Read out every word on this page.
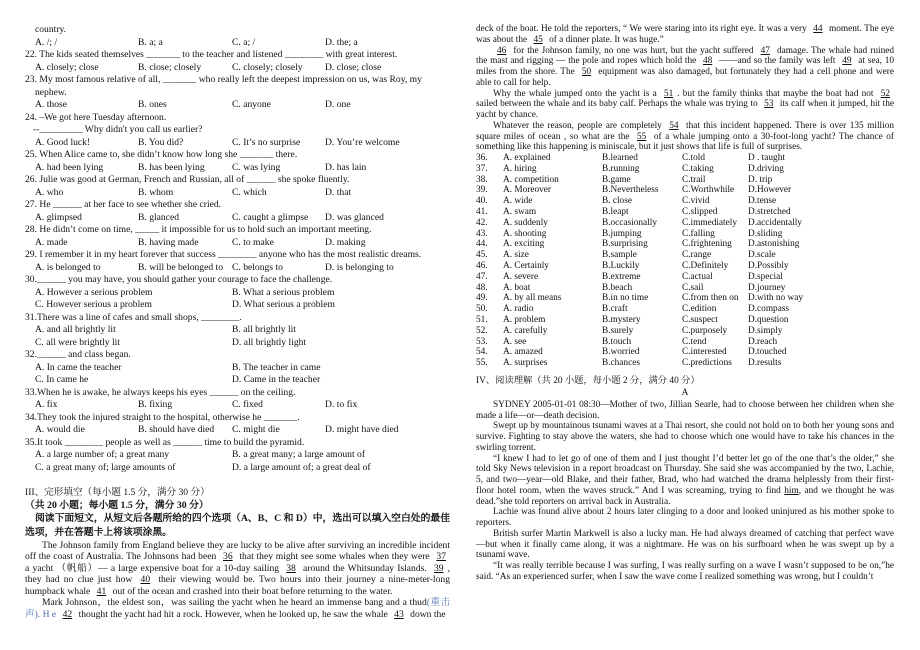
country.
A. /; /	B. a; a	C. a; /	D. the; a
22. The kids seated themselves _______ to the teacher and listened ________ with great interest.
A. closely; close	B. close; closely	C. closely; closely D. close; close
23. My most famous relative of all, _______ who really left the deepest impression on us, was Roy, my
nephew.
A. those	B. ones	C. anyone	D. one
24. –We got here Tuesday afternoon.
--_________ Why didn't you call us earlier?
A. Good luck!	B. You did?	C. It’s no surprise	D. You’re welcome
25. When Alice came to, she didn’t know how long she _______ there.
A. had been lying	B. has been lying	C. was lying	D. has lain
26. Julie was good at German, French and Russian, all of ______ she spoke fluently.
A. who	B. whom	C. which	D. that
27. He ______ at her face to see whether she cried.
A. glimpsed	B. glanced	C. caught a glimpse D. was glanced
28. He didn’t come on time, _____ it impossible for us to hold such an important meeting.
A. made	B. having made	C. to make	D. making
29. I remember it in my heart forever that success ________ anyone who has the most realistic dreams.
A. is belonged to	B. will be belonged to C. belongs to	D. is belonging to
30.______ you may have, you should gather your courage to face the challenge.
A. However a serious problem	B. What a serious problem
C. However serious a problem	D. What serious a problem
31.There was a line of cafes and small shops, ________.
A. and all brightly lit	B. all brightly lit
C. all were brightly lit	D. all brightly light
32.______ and class began.
A. In came the teacher	B. The teacher in came
C. In came he	D. Came in the teacher
33.When he is awake, he always keeps his eyes ______ on the ceiling.
A. fix	B. fixing	C. fixed	D. to fix
34.They took the injured straight to the hospital, otherwise he _______.
A. would die	B. should have died C. might die	D. might have died
35.It took ________ people as well as ______ time to build the pyramid.
A. a large number of; a great many	B. a great many; a large amount of
C. a great many of; large amounts of	D. a large amount of; a great deal of
III、完形填空（每小题 1.5 分，满分 30 分）
（共 20 小题；每小题 1.5 分，满分 30 分）
阅读下面短文，从短文后各题所给的四个选项（A、B、C 和 D）中，选出可以填入空白处的最佳选项，并在答题卡上将该项涂黑。
The Johnson family from England believe they are lucky to be alive after surviving an incredible incident off the coast of Australia. The Johnsons had been 36 that they might see some whales when they were 37 a yacht （帆船）— a large expensive boat for a 10-day sailing 38 around the Whitsunday Islands. 39 , they had no clue just how 40 their viewing would be. Two hours into their journey a nine-meter-long humpback whale 41 out of the ocean and crashed into their boat before returning to the water.
Mark Johnson，the eldest son，was sailing the yacht when he heard an immense bang and a thud(重击声). H e 42 thought the yacht had hit a rock. However, when he looked up, he saw the whale 43 down the
deck of the boat. He told the reporters, “ We were staring into its right eye. It was a very 44 moment. The eye was about the 45 of a dinner plate. It was huge.”
46 for the Johnson family, no one was hurt, but the yacht suffered 47 damage. The whale had ruined the mast and rigging — the pole and ropes which hold the 48 ——and so the family was left 49 at sea, 10 miles from the shore. The 50 equipment was also damaged, but fortunately they had a cell phone and were able to call for help.
Why the whale jumped onto the yacht is a 51 . but the family thinks that maybe the boat had not 52 sailed between the whale and its baby calf. Perhaps the whale was trying to 53 its calf when it jumped, hit the yacht by chance.
Whatever the reason, people are completely 54 that this incident happened. There is over 135 million square miles of ocean , so what are the 55 of a whale jumping onto a 30-foot-long yacht? The chance of something like this happening is miniscale, but it just shows that life is full of surprises.
36. A. explained	B.learned	C.told	D . taught
37. A. hiring	B.running	C.taking	D.driving
38. A. competition	B.game	C.trail	D. trip
39. A. Moreover	B.Nevertheless	C.Worthwhile D.However
40. A. wide	B. close	C.vivid	D.tense
41. A. swam	B.leapt	C.slipped	D.stretched
42. A. suddenly	B.occasionally	C.immediately D.accidentally
43. A. shooting	B.jumping	C.falling	D.sliding
44. A. exciting	B.surprising	C.frightening D.astonishing
45. A. size	B.sample	C.range	D.scale
46. A. Certainly	B.Luckily	C.Definitely D.Possibly
47. A. severe	B.extreme	C.actual	D.special
48. A. boat	B.beach	C.sail	D.journey
49. A. by all means	B.in no time	C.from then on D.with no way
50. A. radio	B.craft	C.edition	D.compass
51. A. problem	B.mystery	C.suspect	D.question
52. A. carefully	B.surely	C.purposely D.simply
53. A. see	B.touch	C.tend	D.reach
54. A. amazed	B.worried	C.interested D.touched
55. A. surprises	B.chances	C.predictions D.results
IV、阅读理解（共 20 小题，每小题 2 分，满分 40 分）
A
SYDNEY 2005-01-01 08:30—Mother of two, Jillian Searle, had to choose between her children when she made a life—or—death decision.
Swept up by mountainous tsunami waves at a Thai resort, she could not hold on to both her young sons and survive. Fighting to stay above the waters, she had to choose which one would have to take his chances in the swirling torrent.
“I knew I had to let go of one of them and I just thought I’d better let go of the one that’s the older,” she told Sky News television in a report broadcast on Thursday. She said she was accompanied by the two, Lachie, 5, and two—year—old Blake, and their father, Brad, who had watched the drama helplessly from their first-floor hotel room, when the waves struck.” And I was screaming, trying to find him, and we thought he was dead.”she told reporters on arrival back in Australia.
Lachie was found alive about 2 hours later clinging to a door and looked uninjured as his mother spoke to reporters.
British surfer Martin Markwell is also a lucky man. He had always dreamed of catching that perfect wave—but when it finally came along, it was a nightmare. He was on his surfboard when he was swept up by a tsunami wave.
“It was really terrible because I was surfing, I was really surfing on a wave I wasn’t supposed to be on,”he said. “As an experienced surfer, when I saw the wave come I realized something was wrong, but I couldn’t
